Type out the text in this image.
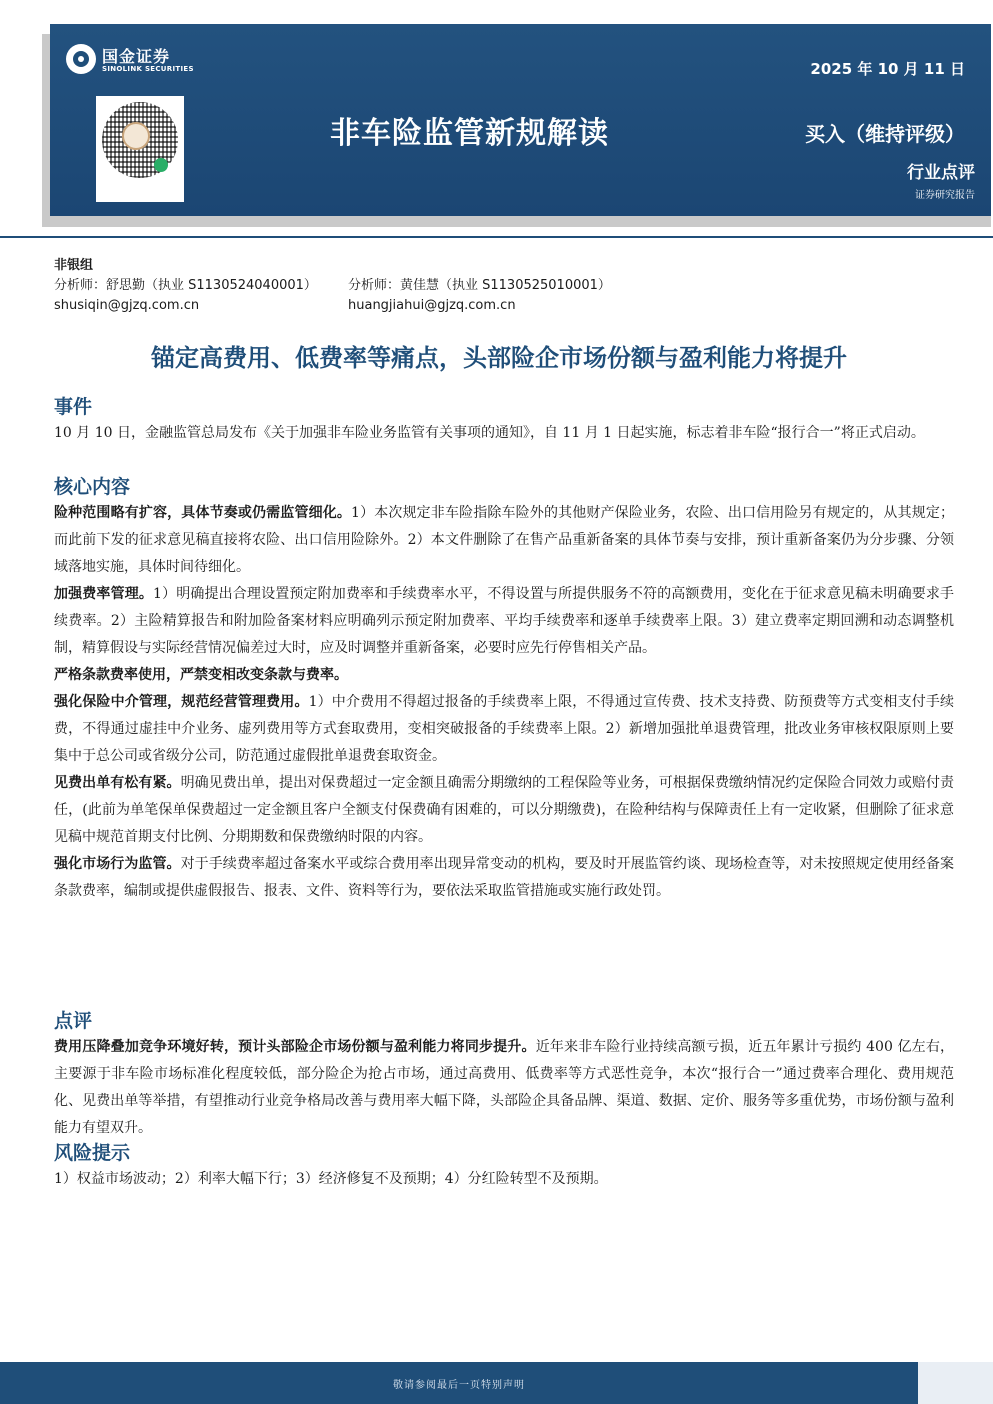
国金证券
SINOLINK SECURITIES	2025 年 10 月 11 日
非车险监管新规解读	买入（维持评级）
行业点评
证券研究报告
非银组
分析师：舒思勤（执业 S1130524040001） 分析师：黄佳慧（执业 S1130525010001）
shusiqin@gjzq.com.cn	huangjiahui@gjzq.com.cn
锚定高费用、低费率等痛点，头部险企市场份额与盈利能力将提升
事件

10 月 10 日，金融监管总局发布《关于加强非车险业务监管有关事项的通知》，自 11 月 1 日起实施，标志着非车险“报行合一”将正式启动。

核心内容

险种范围略有扩容，具体节奏或仍需监管细化。1）本次规定非车险指除车险外的其他财产保险业务，农险、出口信用险另有规定的，从其规定；而此前下发的征求意见稿直接将农险、出口信用险除外。2）本文件删除了在售产品重新备案的具体节奏与安排，预计重新备案仍为分步骤、分领域落地实施，具体时间待细化。

加强费率管理。1）明确提出合理设置预定附加费率和手续费率水平，不得设置与所提供服务不符的高额费用，变化在于征求意见稿未明确要求手续费率。2）主险精算报告和附加险备案材料应明确列示预定附加费率、平均手续费率和逐单手续费率上限。3）建立费率定期回溯和动态调整机制，精算假设与实际经营情况偏差过大时，应及时调整并重新备案，必要时应先行停售相关产品。

严格条款费率使用，严禁变相改变条款与费率。

强化保险中介管理，规范经营管理费用。1）中介费用不得超过报备的手续费率上限，不得通过宣传费、技术支持费、防预费等方式变相支付手续费，不得通过虚挂中介业务、虚列费用等方式套取费用，变相突破报备的手续费率上限。2）新增加强批单退费管理，批改业务审核权限原则上要集中于总公司或省级分公司，防范通过虚假批单退费套取资金。

见费出单有松有紧。明确见费出单，提出对保费超过一定金额且确需分期缴纳的工程保险等业务，可根据保费缴纳情况约定保险合同效力或赔付责任，(此前为单笔保单保费超过一定金额且客户全额支付保费确有困难的，可以分期缴费)，在险种结构与保障责任上有一定收紧，但删除了征求意见稿中规范首期支付比例、分期期数和保费缴纳时限的内容。

强化市场行为监管。对于手续费率超过备案水平或综合费用率出现异常变动的机构，要及时开展监管约谈、现场检查等，对未按照规定使用经备案条款费率，编制或提供虚假报告、报表、文件、资料等行为，要依法采取监管措施或实施行政处罚。

点评

费用压降叠加竞争环境好转，预计头部险企市场份额与盈利能力将同步提升。近年来非车险行业持续高额亏损，近五年累计亏损约 400 亿左右，主要源于非车险市场标准化程度较低，部分险企为抢占市场，通过高费用、低费率等方式恶性竞争，本次“报行合一”通过费率合理化、费用规范化、见费出单等举措，有望推动行业竞争格局改善与费用率大幅下降，头部险企具备品牌、渠道、数据、定价、服务等多重优势，市场份额与盈利能力有望双升。

风险提示

1）权益市场波动；2）利率大幅下行；3）经济修复不及预期；4）分红险转型不及预期。

敬请参阅最后一页特别声明
